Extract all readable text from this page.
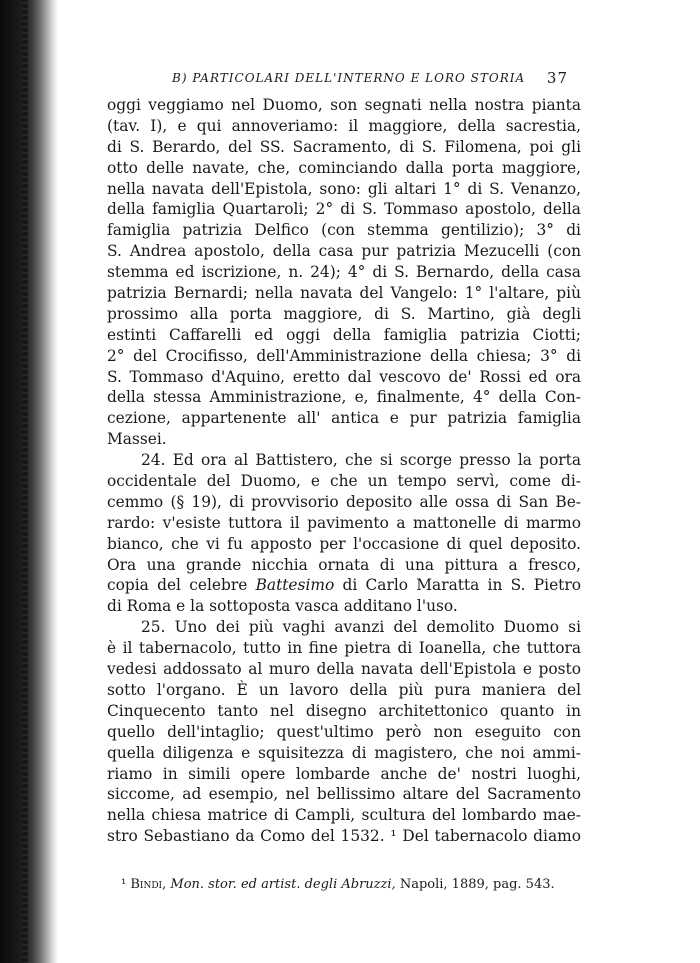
B) PARTICOLARI DELL'INTERNO E LORO STORIA 37
oggi veggiamo nel Duomo, son segnati nella nostra pianta
(tav. I), e qui annoveriamo: il maggiore, della sacrestia,
di S. Berardo, del SS. Sacramento, di S. Filomena, poi gli
otto delle navate, che, cominciando dalla porta maggiore,
nella navata dell'Epistola, sono: gli altari 1° di S. Venanzo,
della famiglia Quartaroli; 2° di S. Tommaso apostolo, della
famiglia patrizia Delfico (con stemma gentilizio); 3° di
S. Andrea apostolo, della casa pur patrizia Mezucelli (con
stemma ed iscrizione, n. 24); 4° di S. Bernardo, della casa
patrizia Bernardi; nella navata del Vangelo: 1° l'altare, più
prossimo alla porta maggiore, di S. Martino, già degli
estinti Caffarelli ed oggi della famiglia patrizia Ciotti;
2° del Crocifisso, dell'Amministrazione della chiesa; 3° di
S. Tommaso d'Aquino, eretto dal vescovo de' Rossi ed ora
della stessa Amministrazione, e, finalmente, 4° della Con-
cezione, appartenente all' antica e pur patrizia famiglia
Massei.
24. Ed ora al Battistero, che si scorge presso la porta
occidentale del Duomo, e che un tempo servì, come di-
cemmo (§ 19), di provvisorio deposito alle ossa di San Be-
rardo: v'esiste tuttora il pavimento a mattonelle di marmo
bianco, che vi fu apposto per l'occasione di quel deposito.
Ora una grande nicchia ornata di una pittura a fresco,
copia del celebre Battesimo di Carlo Maratta in S. Pietro
di Roma e la sottoposta vasca additano l'uso.
25. Uno dei più vaghi avanzi del demolito Duomo si
è il tabernacolo, tutto in fine pietra di Ioanella, che tuttora
vedesi addossato al muro della navata dell'Epistola e posto
sotto l'organo. È un lavoro della più pura maniera del
Cinquecento tanto nel disegno architettonico quanto in
quello dell'intaglio; quest'ultimo però non eseguito con
quella diligenza e squisitezza di magistero, che noi ammi-
riamo in simili opere lombarde anche de' nostri luoghi,
siccome, ad esempio, nel bellissimo altare del Sacramento
nella chiesa matrice di Campli, scultura del lombardo mae-
stro Sebastiano da Como del 1532. ¹ Del tabernacolo diamo
¹ Bindi, Mon. stor. ed artist. degli Abruzzi, Napoli, 1889, pag. 543.
